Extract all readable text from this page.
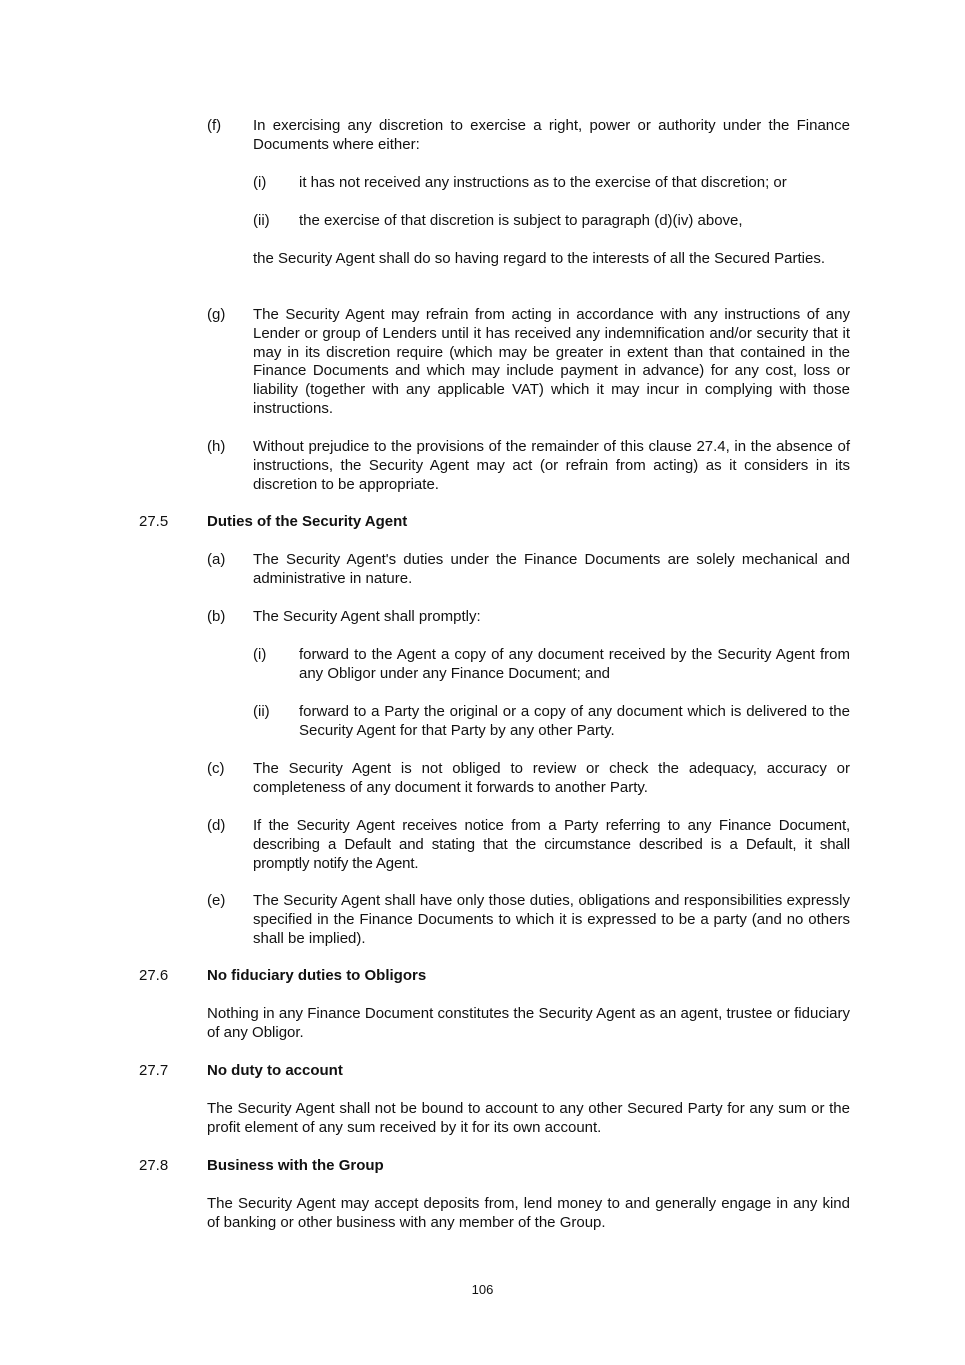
(f) In exercising any discretion to exercise a right, power or authority under the Finance Documents where either:
(i) it has not received any instructions as to the exercise of that discretion; or
(ii) the exercise of that discretion is subject to paragraph (d)(iv) above,
the Security Agent shall do so having regard to the interests of all the Secured Parties.
(g) The Security Agent may refrain from acting in accordance with any instructions of any Lender or group of Lenders until it has received any indemnification and/or security that it may in its discretion require (which may be greater in extent than that contained in the Finance Documents and which may include payment in advance) for any cost, loss or liability (together with any applicable VAT) which it may incur in complying with those instructions.
(h) Without prejudice to the provisions of the remainder of this clause 27.4, in the absence of instructions, the Security Agent may act (or refrain from acting) as it considers in its discretion to be appropriate.
27.5	Duties of the Security Agent
(a) The Security Agent's duties under the Finance Documents are solely mechanical and administrative in nature.
(b) The Security Agent shall promptly:
(i) forward to the Agent a copy of any document received by the Security Agent from any Obligor under any Finance Document; and
(ii) forward to a Party the original or a copy of any document which is delivered to the Security Agent for that Party by any other Party.
(c) The Security Agent is not obliged to review or check the adequacy, accuracy or completeness of any document it forwards to another Party.
(d) If the Security Agent receives notice from a Party referring to any Finance Document, describing a Default and stating that the circumstance described is a Default, it shall promptly notify the Agent.
(e) The Security Agent shall have only those duties, obligations and responsibilities expressly specified in the Finance Documents to which it is expressed to be a party (and no others shall be implied).
27.6	No fiduciary duties to Obligors
Nothing in any Finance Document constitutes the Security Agent as an agent, trustee or fiduciary of any Obligor.
27.7	No duty to account
The Security Agent shall not be bound to account to any other Secured Party for any sum or the profit element of any sum received by it for its own account.
27.8	Business with the Group
The Security Agent may accept deposits from, lend money to and generally engage in any kind of banking or other business with any member of the Group.
106
